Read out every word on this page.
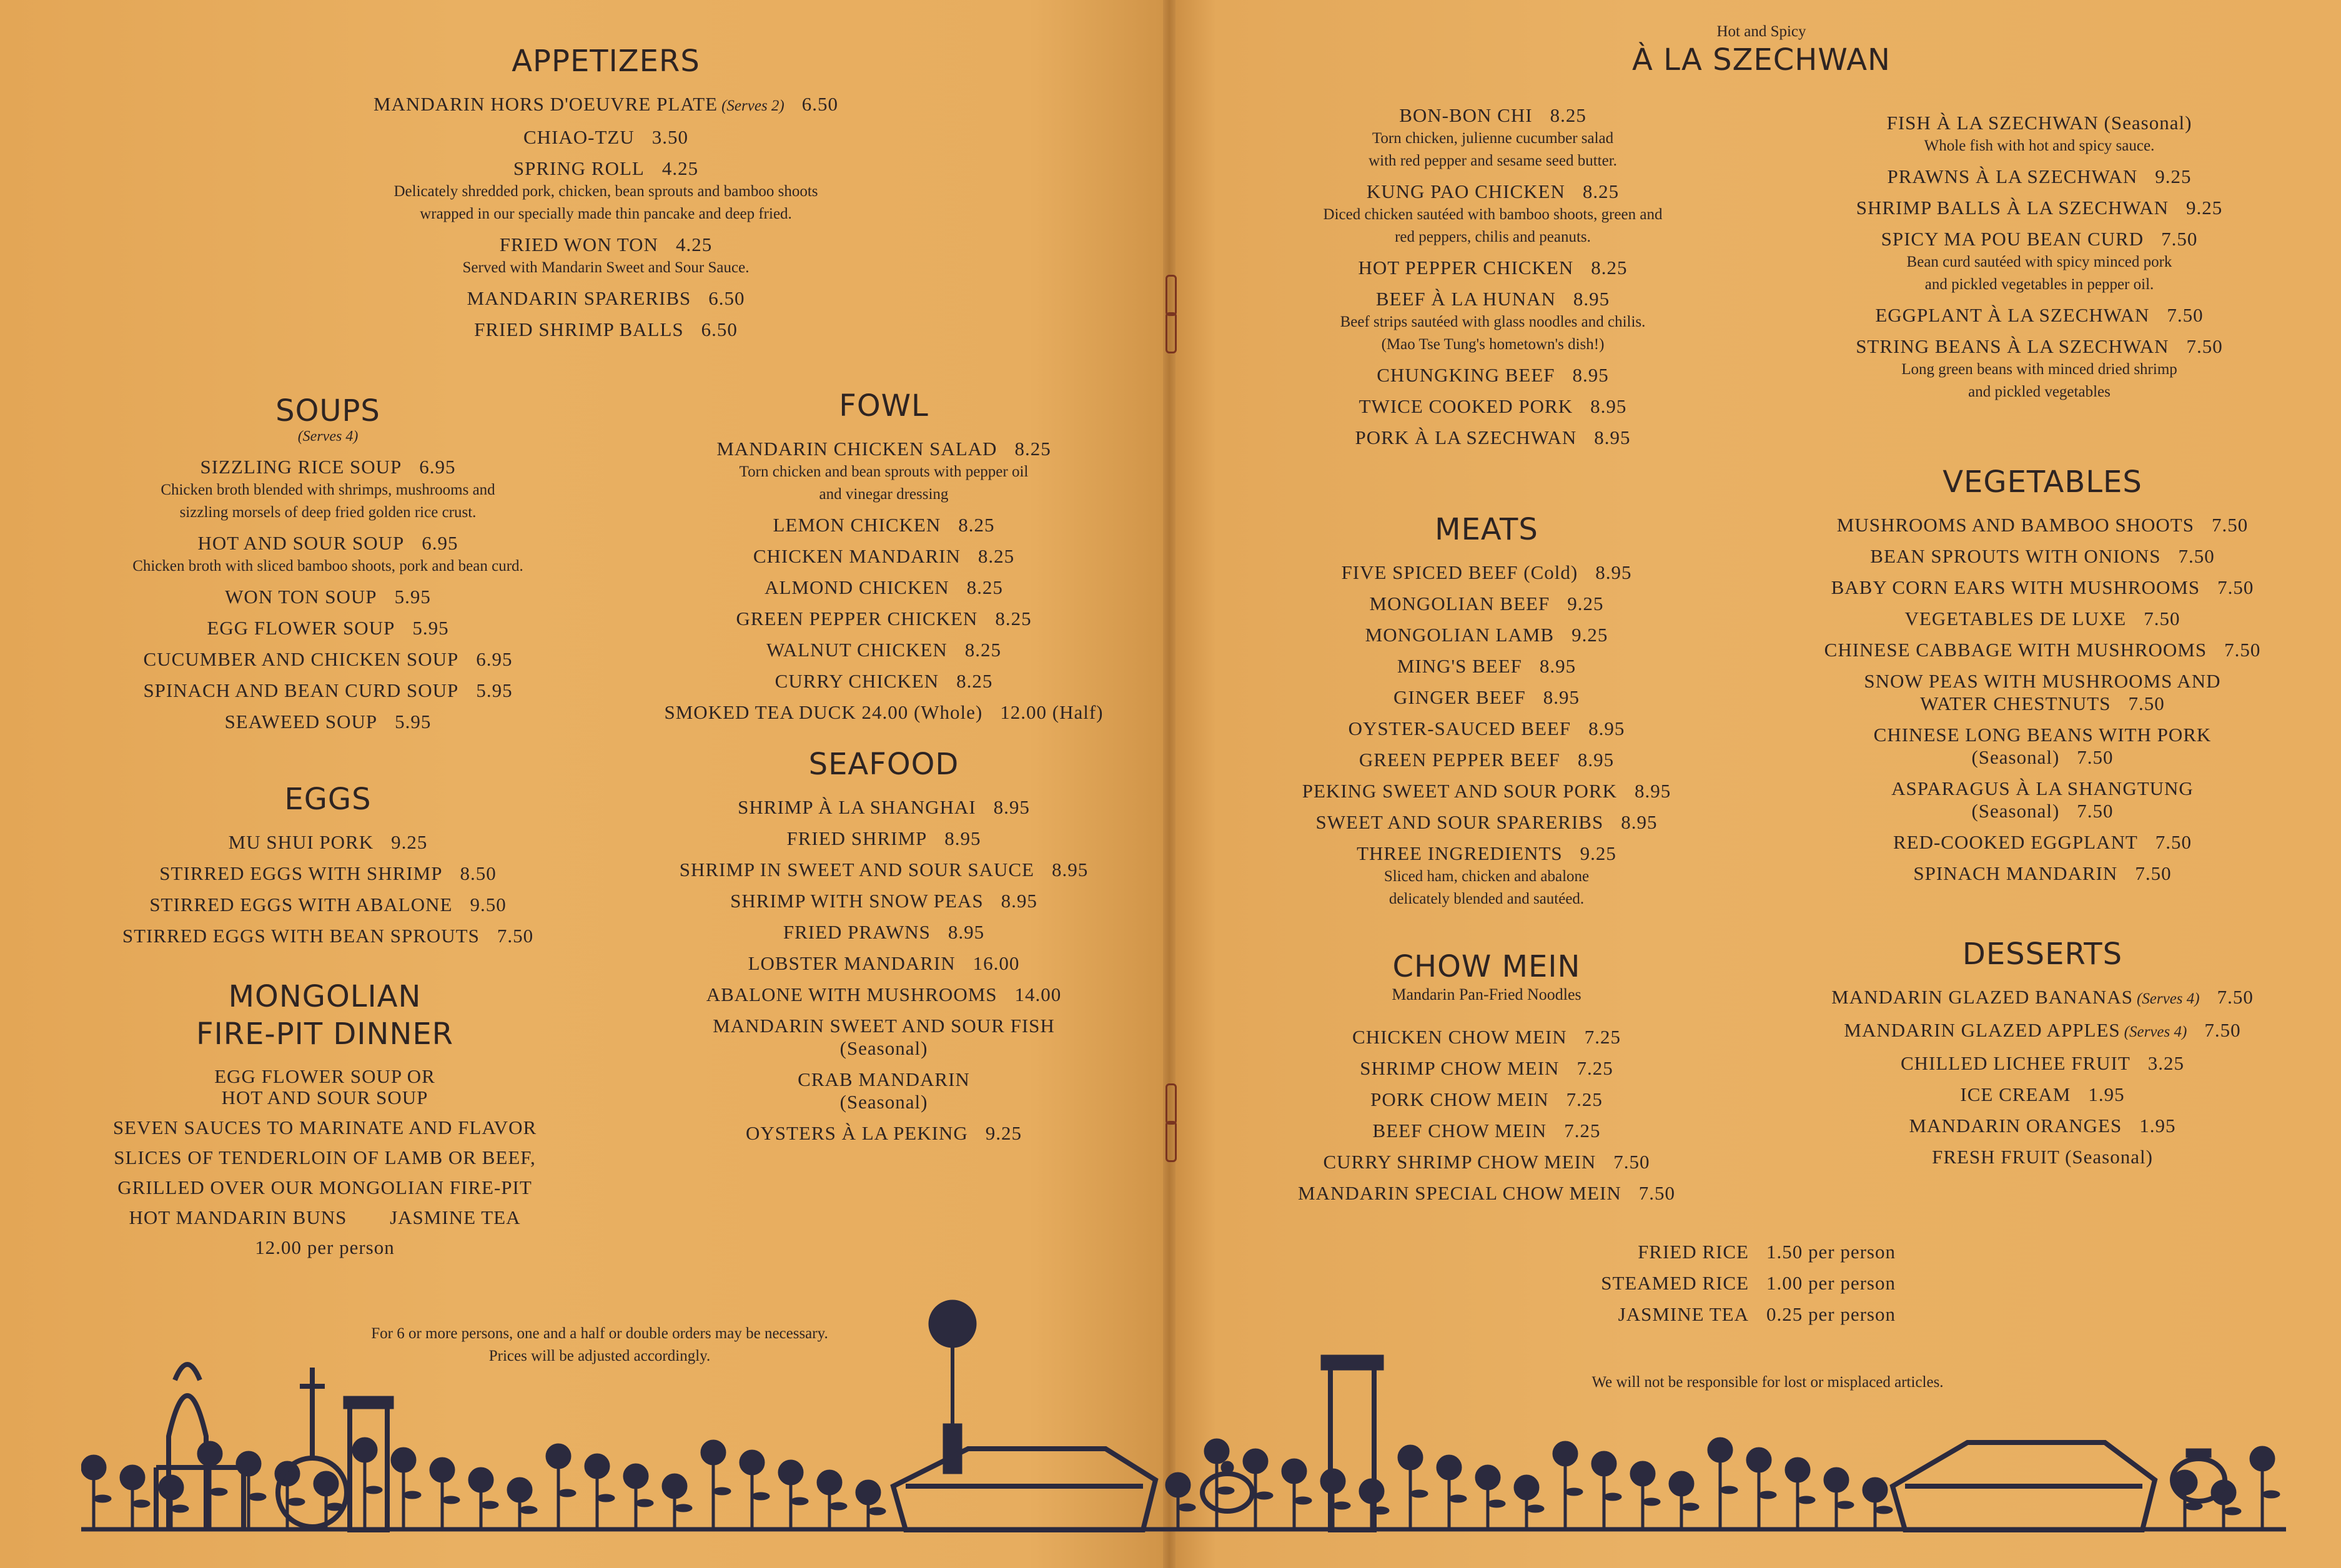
APPETIZERS
MANDARIN HORS D'OEUVRE PLATE (Serves 2) 6.50
CHIAO-TZU 3.50
SPRING ROLL 4.25
Delicately shredded pork, chicken, bean sprouts and bamboo shoots
wrapped in our specially made thin pancake and deep fried.
FRIED WON TON 4.25
Served with Mandarin Sweet and Sour Sauce.
MANDARIN SPARERIBS 6.50
FRIED SHRIMP BALLS 6.50
SOUPS
(Serves 4)
SIZZLING RICE SOUP 6.95
Chicken broth blended with shrimps, mushrooms and
sizzling morsels of deep fried golden rice crust.
HOT AND SOUR SOUP 6.95
Chicken broth with sliced bamboo shoots, pork and bean curd.
WON TON SOUP 5.95
EGG FLOWER SOUP 5.95
CUCUMBER AND CHICKEN SOUP 6.95
SPINACH AND BEAN CURD SOUP 5.95
SEAWEED SOUP 5.95
EGGS
MU SHUI PORK 9.25
STIRRED EGGS WITH SHRIMP 8.50
STIRRED EGGS WITH ABALONE 9.50
STIRRED EGGS WITH BEAN SPROUTS 7.50
MONGOLIAN
FIRE-PIT DINNER
EGG FLOWER SOUP OR
HOT AND SOUR SOUP
SEVEN SAUCES TO MARINATE AND FLAVOR
SLICES OF TENDERLOIN OF LAMB OR BEEF,
GRILLED OVER OUR MONGOLIAN FIRE-PIT
HOT MANDARIN BUNS JASMINE TEA
12.00 per person
FOWL
MANDARIN CHICKEN SALAD 8.25
Torn chicken and bean sprouts with pepper oil
and vinegar dressing
LEMON CHICKEN 8.25
CHICKEN MANDARIN 8.25
ALMOND CHICKEN 8.25
GREEN PEPPER CHICKEN 8.25
WALNUT CHICKEN 8.25
CURRY CHICKEN 8.25
SMOKED TEA DUCK 24.00 (Whole) 12.00 (Half)
SEAFOOD
SHRIMP À LA SHANGHAI 8.95
FRIED SHRIMP 8.95
SHRIMP IN SWEET AND SOUR SAUCE 8.95
SHRIMP WITH SNOW PEAS 8.95
FRIED PRAWNS 8.95
LOBSTER MANDARIN 16.00
ABALONE WITH MUSHROOMS 14.00
MANDARIN SWEET AND SOUR FISH
(Seasonal)
CRAB MANDARIN
(Seasonal)
OYSTERS À LA PEKING 9.25
For 6 or more persons, one and a half or double orders may be necessary.
Prices will be adjusted accordingly.
Hot and Spicy
À LA SZECHWAN
BON-BON CHI 8.25
Torn chicken, julienne cucumber salad
with red pepper and sesame seed butter.
KUNG PAO CHICKEN 8.25
Diced chicken sautéed with bamboo shoots, green and
red peppers, chilis and peanuts.
HOT PEPPER CHICKEN 8.25
BEEF À LA HUNAN 8.95
Beef strips sautéed with glass noodles and chilis.
(Mao Tse Tung's hometown's dish!)
CHUNGKING BEEF 8.95
TWICE COOKED PORK 8.95
PORK À LA SZECHWAN 8.95
FISH À LA SZECHWAN (Seasonal)
Whole fish with hot and spicy sauce.
PRAWNS À LA SZECHWAN 9.25
SHRIMP BALLS À LA SZECHWAN 9.25
SPICY MA POU BEAN CURD 7.50
Bean curd sautéed with spicy minced pork
and pickled vegetables in pepper oil.
EGGPLANT À LA SZECHWAN 7.50
STRING BEANS À LA SZECHWAN 7.50
Long green beans with minced dried shrimp
and pickled vegetables
MEATS
FIVE SPICED BEEF (Cold) 8.95
MONGOLIAN BEEF 9.25
MONGOLIAN LAMB 9.25
MING'S BEEF 8.95
GINGER BEEF 8.95
OYSTER-SAUCED BEEF 8.95
GREEN PEPPER BEEF 8.95
PEKING SWEET AND SOUR PORK 8.95
SWEET AND SOUR SPARERIBS 8.95
THREE INGREDIENTS 9.25
Sliced ham, chicken and abalone
delicately blended and sautéed.
CHOW MEIN
Mandarin Pan-Fried Noodles
CHICKEN CHOW MEIN 7.25
SHRIMP CHOW MEIN 7.25
PORK CHOW MEIN 7.25
BEEF CHOW MEIN 7.25
CURRY SHRIMP CHOW MEIN 7.50
MANDARIN SPECIAL CHOW MEIN 7.50
VEGETABLES
MUSHROOMS AND BAMBOO SHOOTS 7.50
BEAN SPROUTS WITH ONIONS 7.50
BABY CORN EARS WITH MUSHROOMS 7.50
VEGETABLES DE LUXE 7.50
CHINESE CABBAGE WITH MUSHROOMS 7.50
SNOW PEAS WITH MUSHROOMS AND
WATER CHESTNUTS 7.50
CHINESE LONG BEANS WITH PORK
(Seasonal) 7.50
ASPARAGUS À LA SHANGTUNG
(Seasonal) 7.50
RED-COOKED EGGPLANT 7.50
SPINACH MANDARIN 7.50
DESSERTS
MANDARIN GLAZED BANANAS (Serves 4) 7.50
MANDARIN GLAZED APPLES (Serves 4) 7.50
CHILLED LICHEE FRUIT 3.25
ICE CREAM 1.95
MANDARIN ORANGES 1.95
FRESH FRUIT (Seasonal)
FRIED RICE 1.50 per person
STEAMED RICE 1.00 per person
JASMINE TEA 0.25 per person
We will not be responsible for lost or misplaced articles.
